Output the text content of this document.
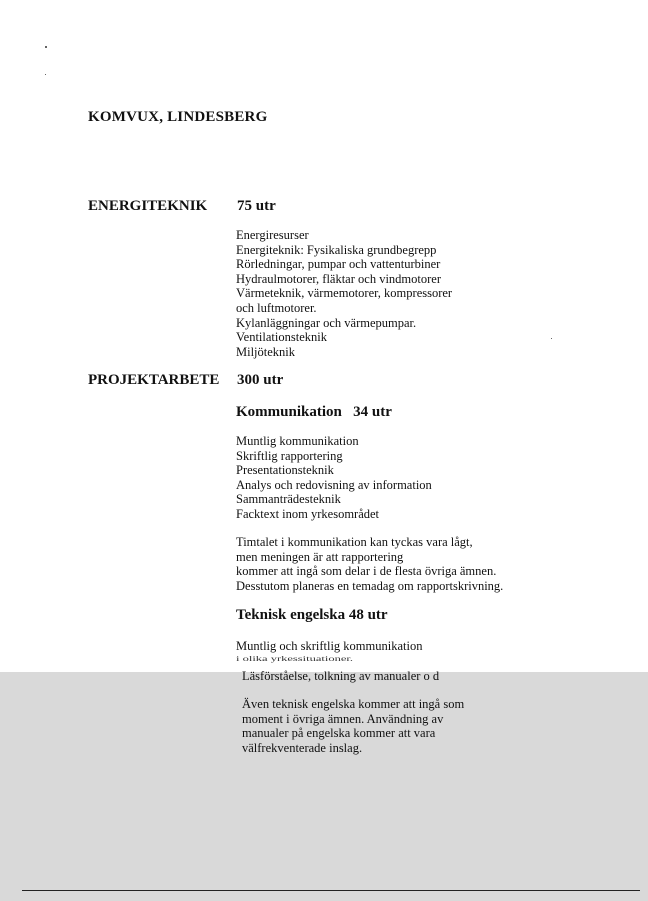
KOMVUX, LINDESBERG
ENERGITEKNIK 75 utr
Energiresurser
Energiteknik: Fysikaliska grundbegrepp
Rörledningar, pumpar och vattenturbiner
Hydraulmotorer, fläktar och vindmotorer
Värmeteknik, värmemotorer, kompressorer
och luftmotorer.
Kylanläggningar och värmepumpar.
Ventilationsteknik
Miljöteknik
PROJEKTARBETE 300 utr
Kommunikation   34 utr
Muntlig kommunikation
Skriftlig rapportering
Presentationsteknik
Analys och redovisning av information
Sammanträdesteknik
Facktext inom yrkesområdet
Timtalet i kommunikation kan tyckas vara lågt,
men meningen är att rapportering
kommer att ingå som delar i de flesta övriga ämnen.
Desstutom planeras en temadag om rapportskrivning.
Teknisk engelska 48 utr
Muntlig och skriftlig kommunikation
i olika yrkessituationer.
Läsförståelse, tolkning av manualer o d
Även teknisk engelska kommer att ingå som
moment i övriga ämnen. Användning av
manualer på engelska kommer att vara
välfrekventerade inslag.
